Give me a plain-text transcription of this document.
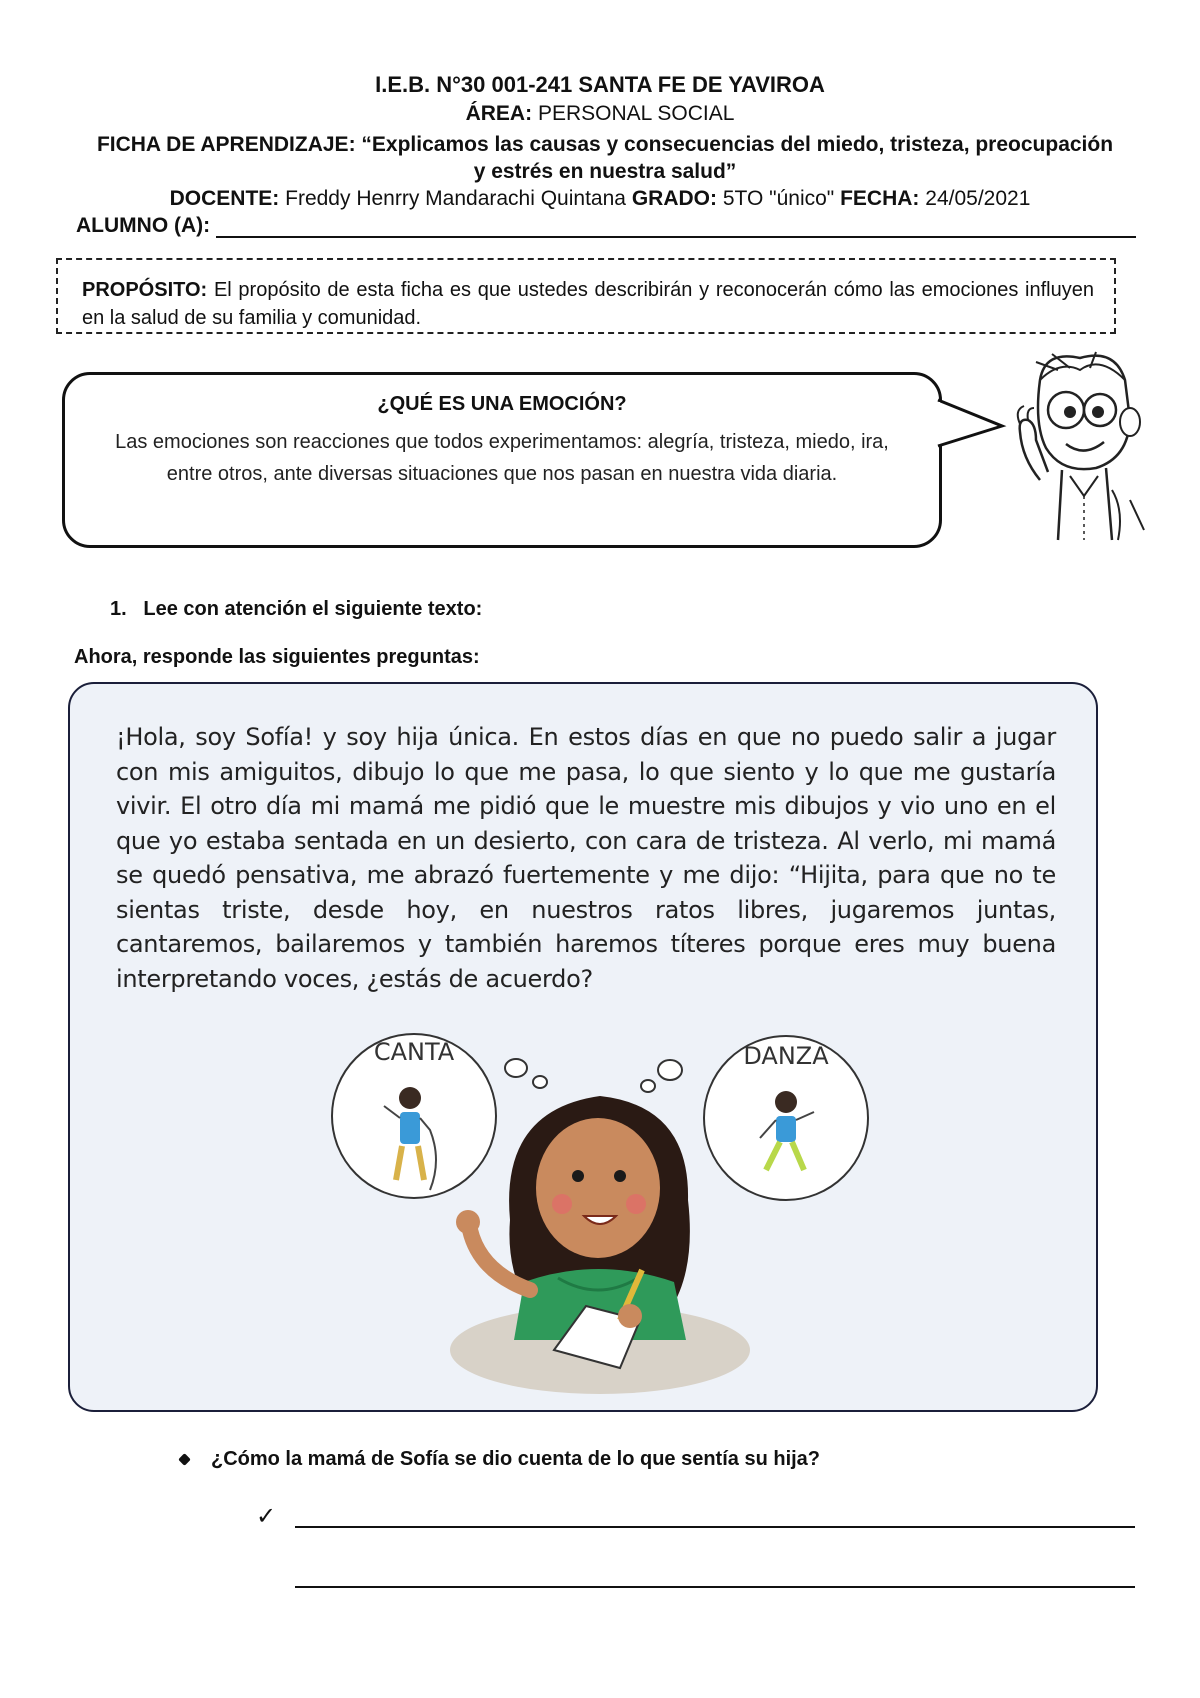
I.E.B. N°30 001-241 SANTA FE DE YAVIROA
ÁREA: PERSONAL SOCIAL
FICHA DE APRENDIZAJE: “Explicamos las causas y consecuencias del miedo, tristeza, preocupación y estrés en nuestra salud”
DOCENTE: Freddy Henrry Mandarachi Quintana GRADO: 5TO "único" FECHA: 24/05/2021
ALUMNO (A):
PROPÓSITO: El propósito de esta ficha es que ustedes describirán y reconocerán cómo las emociones influyen en la salud de su familia y comunidad.
¿QUÉ ES UNA EMOCIÓN?
Las emociones son reacciones que todos experimentamos: alegría, tristeza, miedo, ira, entre otros, ante diversas situaciones que nos pasan en nuestra vida diaria.
1. Lee con atención el siguiente texto:
Ahora, responde las siguientes preguntas:

¡Hola, soy Sofía! y soy hija única. En estos días en que no puedo salir a jugar con mis amiguitos, dibujo lo que me pasa, lo que siento y lo que me gustaría vivir. El otro día mi mamá me pidió que le muestre mis dibujos y vio uno en el que yo estaba sentada en un desierto, con cara de tristeza. Al verlo, mi mamá se quedó pensativa, me abrazó fuertemente y me dijo: “Hijita, para que no te sientas triste, desde hoy, en nuestros ratos libres, jugaremos juntas, cantaremos, bailaremos y también haremos títeres porque eres muy buena interpretando voces, ¿estás de acuerdo?

CANTA	DANZA
¿Cómo la mamá de Sofía se dio cuenta de lo que sentía su hija?
✓
